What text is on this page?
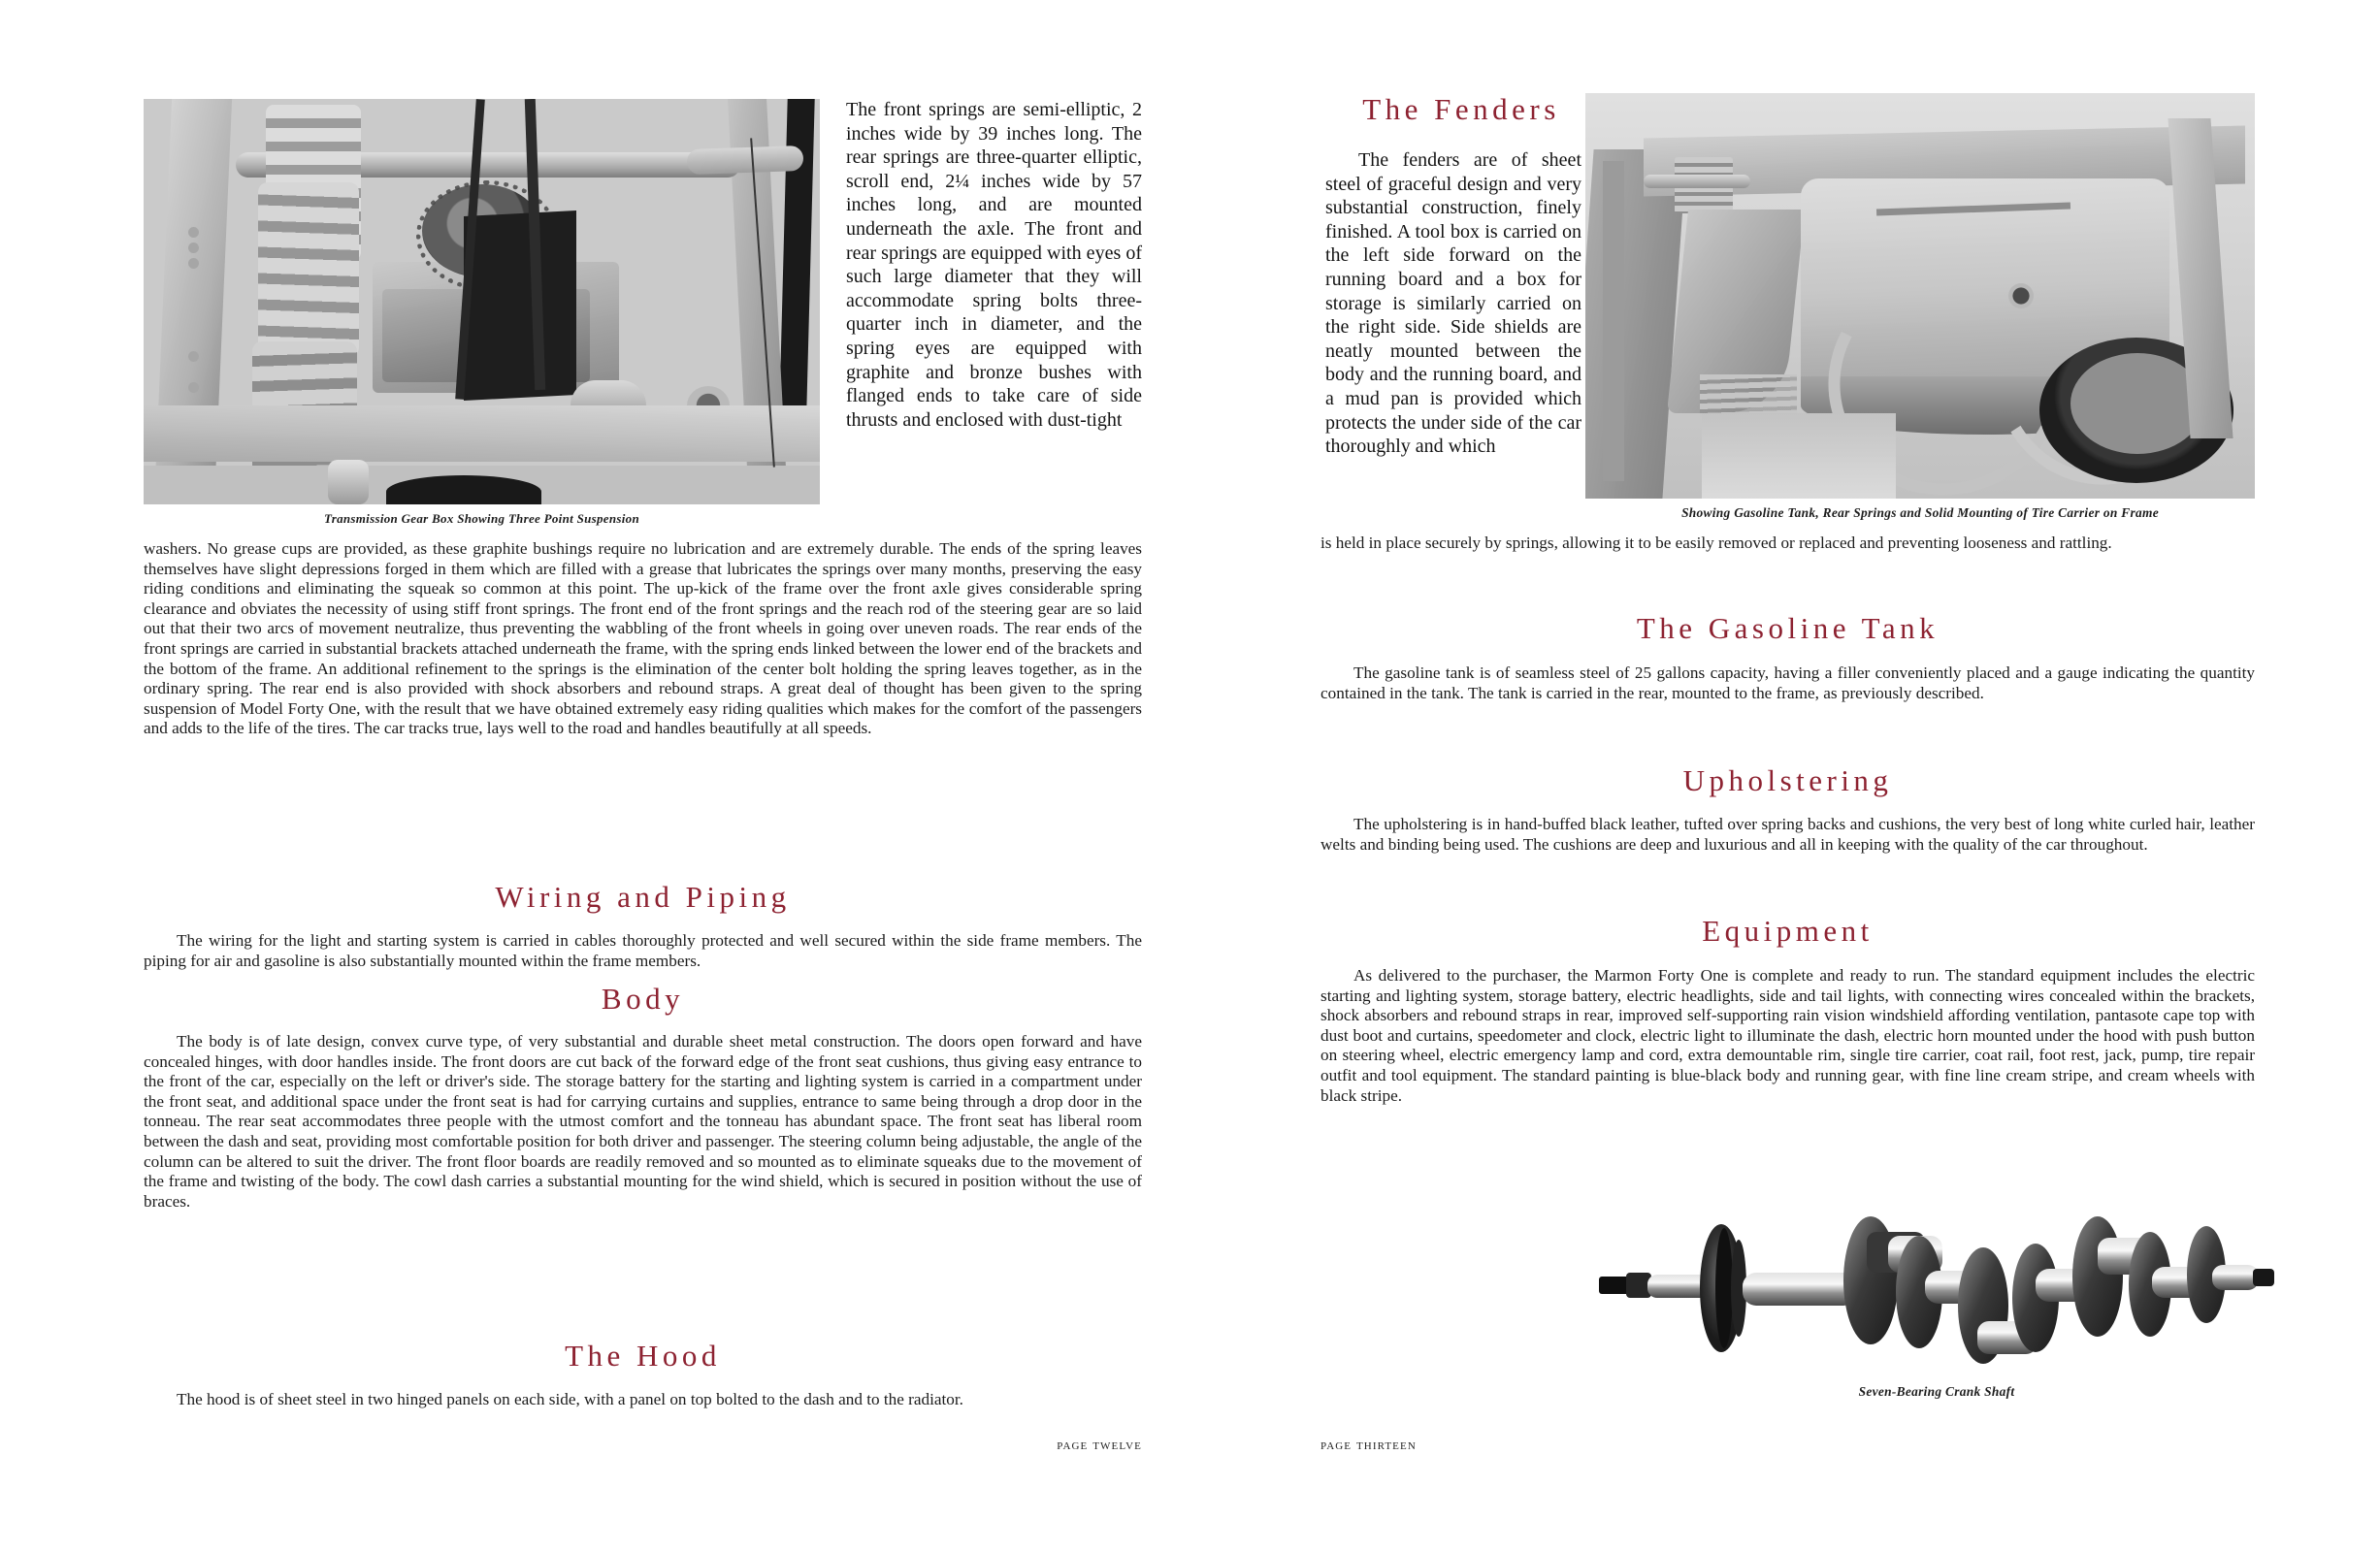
Transmission Gear Box Showing Three Point Suspension

The front springs are semi-elliptic, 2 inches wide by 39 inches long. The rear springs are three-quarter elliptic, scroll end, 2¼ inches wide by 57 inches long, and are mounted underneath the axle. The front and rear springs are equipped with eyes of such large diameter that they will accommodate spring bolts three-quarter inch in diameter, and the spring eyes are equipped with graphite and bronze bushes with flanged ends to take care of side thrusts and enclosed with dust-tight

washers. No grease cups are provided, as these graphite bushings require no lubrication and are extremely durable. The ends of the spring leaves themselves have slight depressions forged in them which are filled with a grease that lubricates the springs over many months, preserving the easy riding conditions and eliminating the squeak so common at this point. The up-kick of the frame over the front axle gives considerable spring clearance and obviates the necessity of using stiff front springs. The front end of the front springs and the reach rod of the steering gear are so laid out that their two arcs of movement neutralize, thus preventing the wabbling of the front wheels in going over uneven roads. The rear ends of the front springs are carried in substantial brackets attached underneath the frame, with the spring ends linked between the lower end of the brackets and the bottom of the frame. An additional refinement to the springs is the elimination of the center bolt holding the spring leaves together, as in the ordinary spring. The rear end is also provided with shock absorbers and rebound straps. A great deal of thought has been given to the spring suspension of Model Forty One, with the result that we have obtained extremely easy riding qualities which makes for the comfort of the passengers and adds to the life of the tires. The car tracks true, lays well to the road and handles beautifully at all speeds.

Wiring and Piping

The wiring for the light and starting system is carried in cables thoroughly protected and well secured within the side frame members. The piping for air and gasoline is also substantially mounted within the frame members.

Body

The body is of late design, convex curve type, of very substantial and durable sheet metal construction. The doors open forward and have concealed hinges, with door handles inside. The front doors are cut back of the forward edge of the front seat cushions, thus giving easy entrance to the front of the car, especially on the left or driver's side. The storage battery for the starting and lighting system is carried in a compartment under the front seat, and additional space under the front seat is had for carrying curtains and supplies, entrance to same being through a drop door in the tonneau. The rear seat accommodates three people with the utmost comfort and the tonneau has abundant space. The front seat has liberal room between the dash and seat, providing most comfortable position for both driver and passenger. The steering column being adjustable, the angle of the column can be altered to suit the driver. The front floor boards are readily removed and so mounted as to eliminate squeaks due to the movement of the frame and twisting of the body. The cowl dash carries a substantial mounting for the wind shield, which is secured in position without the use of braces.

The Hood

The hood is of sheet steel in two hinged panels on each side, with a panel on top bolted to the dash and to the radiator.

page twelve
The Fenders

The fenders are of sheet steel of graceful design and very substantial construction, finely finished. A tool box is carried on the left side forward on the running board and a box for storage is similarly carried on the right side. Side shields are neatly mounted between the body and the running board, and a mud pan is provided which protects the under side of the car thoroughly and which

Showing Gasoline Tank, Rear Springs and Solid Mounting of Tire Carrier on Frame

is held in place securely by springs, allowing it to be easily removed or replaced and preventing looseness and rattling.

The Gasoline Tank

The gasoline tank is of seamless steel of 25 gallons capacity, having a filler conveniently placed and a gauge indicating the quantity contained in the tank. The tank is carried in the rear, mounted to the frame, as previously described.

Upholstering

The upholstering is in hand-buffed black leather, tufted over spring backs and cushions, the very best of long white curled hair, leather welts and binding being used. The cushions are deep and luxurious and all in keeping with the quality of the car throughout.

Equipment

As delivered to the purchaser, the Marmon Forty One is complete and ready to run. The standard equipment includes the electric starting and lighting system, storage battery, electric headlights, side and tail lights, with connecting wires concealed within the brackets, shock absorbers and rebound straps in rear, improved self-supporting rain vision windshield affording ventilation, pantasote cape top with dust boot and curtains, speedometer and clock, electric light to illuminate the dash, electric horn mounted under the hood with push button on steering wheel, electric emergency lamp and cord, extra demountable rim, single tire carrier, coat rail, foot rest, jack, pump, tire repair outfit and tool equipment. The standard painting is blue-black body and running gear, with fine line cream stripe, and cream wheels with black stripe.

Seven-Bearing Crank Shaft
page thirteen
